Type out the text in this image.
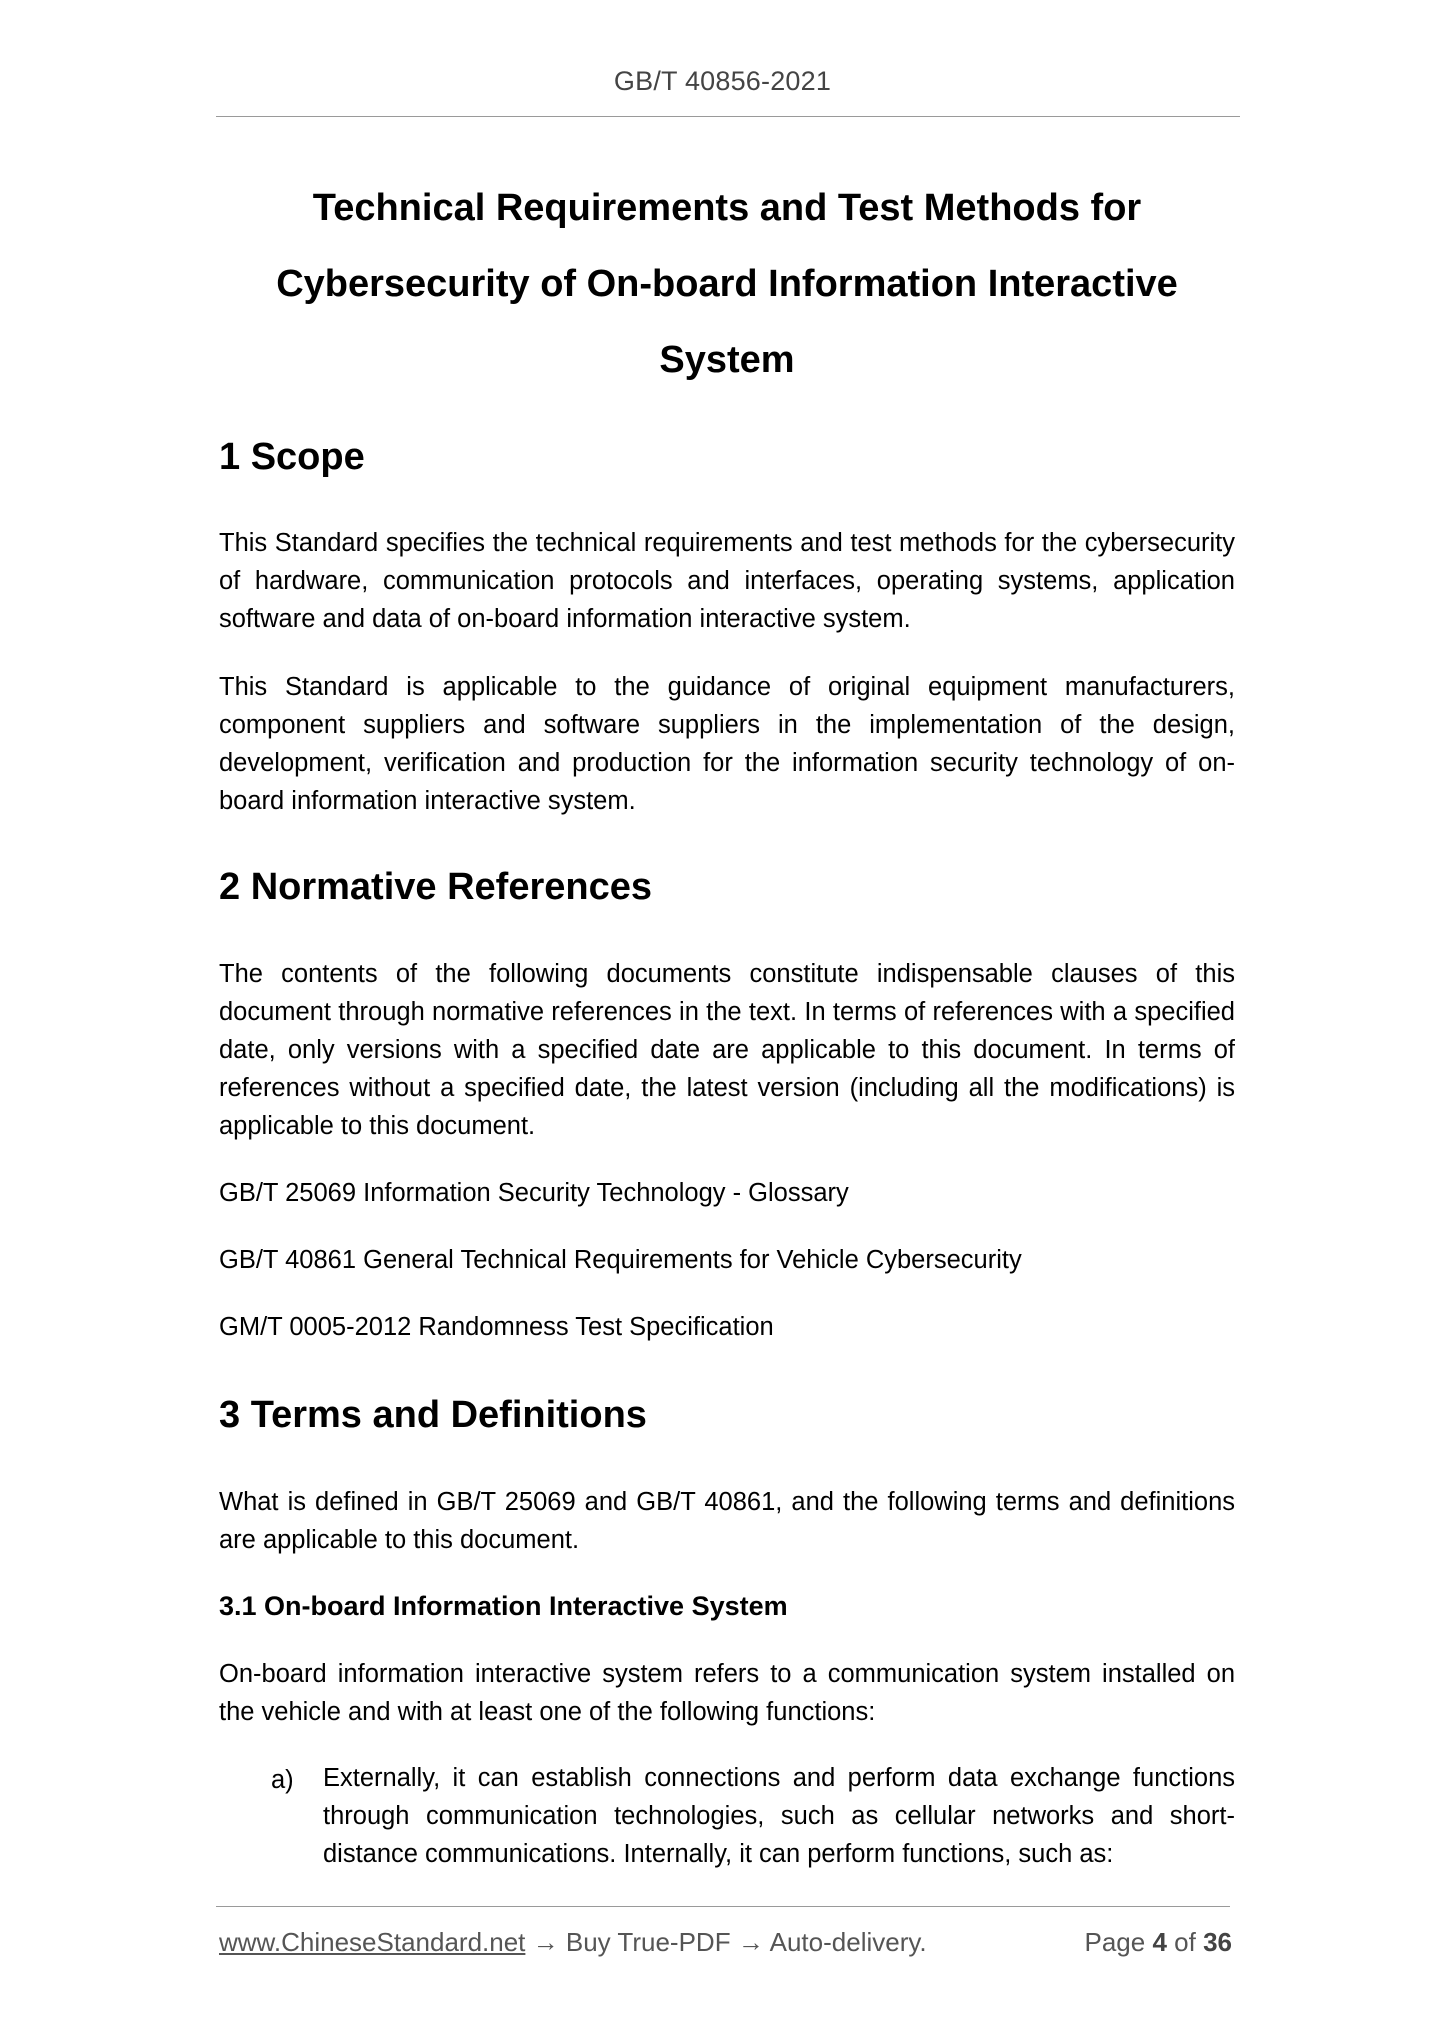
GB/T 40856-2021
Technical Requirements and Test Methods for
Cybersecurity of On-board Information Interactive
System
1 Scope
This Standard specifies the technical requirements and test methods for the cybersecurity of hardware, communication protocols and interfaces, operating systems, application software and data of on-board information interactive system.
This Standard is applicable to the guidance of original equipment manufacturers, component suppliers and software suppliers in the implementation of the design, development, verification and production for the information security technology of on-board information interactive system.
2 Normative References
The contents of the following documents constitute indispensable clauses of this document through normative references in the text. In terms of references with a specified date, only versions with a specified date are applicable to this document. In terms of references without a specified date, the latest version (including all the modifications) is applicable to this document.
GB/T 25069 Information Security Technology - Glossary
GB/T 40861 General Technical Requirements for Vehicle Cybersecurity
GM/T 0005-2012 Randomness Test Specification
3 Terms and Definitions
What is defined in GB/T 25069 and GB/T 40861, and the following terms and definitions are applicable to this document.
3.1 On-board Information Interactive System
On-board information interactive system refers to a communication system installed on the vehicle and with at least one of the following functions:
a) Externally, it can establish connections and perform data exchange functions through communication technologies, such as cellular networks and short-distance communications. Internally, it can perform functions, such as:
www.ChineseStandard.net → Buy True-PDF → Auto-delivery.	Page 4 of 36
